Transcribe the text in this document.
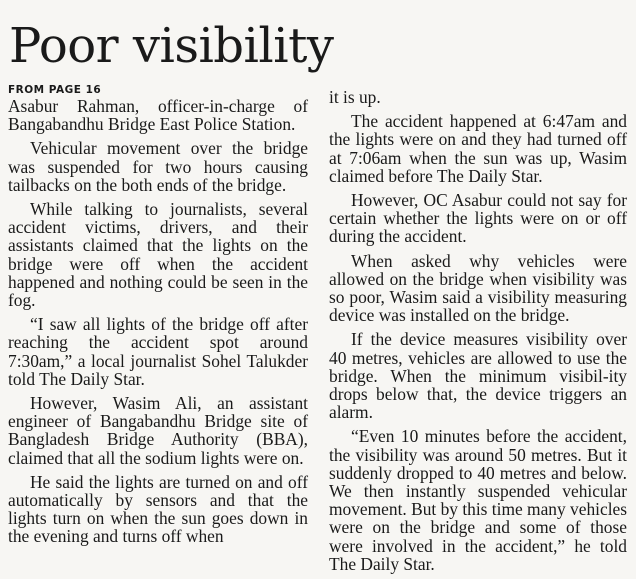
Poor visibility
FROM PAGE 16

Asabur Rahman, officer-in-charge of Bangabandhu Bridge East Police Station.

Vehicular movement over the bridge was suspended for two hours causing tailbacks on the both ends of the bridge.

While talking to journalists, several accident victims, drivers, and their assistants claimed that the lights on the bridge were off when the accident happened and nothing could be seen in the fog.

“I saw all lights of the bridge off after reaching the accident spot around 7:30am,” a local journalist Sohel Talukder told The Daily Star.

However, Wasim Ali, an assistant engineer of Bangabandhu Bridge site of Bangladesh Bridge Authority (BBA), claimed that all the sodium lights were on.

He said the lights are turned on and off automatically by sensors and that the lights turn on when the sun goes down in the evening and turns off when

it is up.

The accident happened at 6:47am and the lights were on and they had turned off at 7:06am when the sun was up, Wasim claimed before The Daily Star.

However, OC Asabur could not say for certain whether the lights were on or off during the accident.

When asked why vehicles were allowed on the bridge when visibility was so poor, Wasim said a visibility measuring device was installed on the bridge.

If the device measures visibility over 40 metres, vehicles are allowed to use the bridge. When the minimum visibil-ity drops below that, the device triggers an alarm.

“Even 10 minutes before the accident, the visibility was around 50 metres. But it suddenly dropped to 40 metres and below. We then instantly suspended vehicular movement. But by this time many vehicles were on the bridge and some of those were involved in the accident,” he told The Daily Star.
